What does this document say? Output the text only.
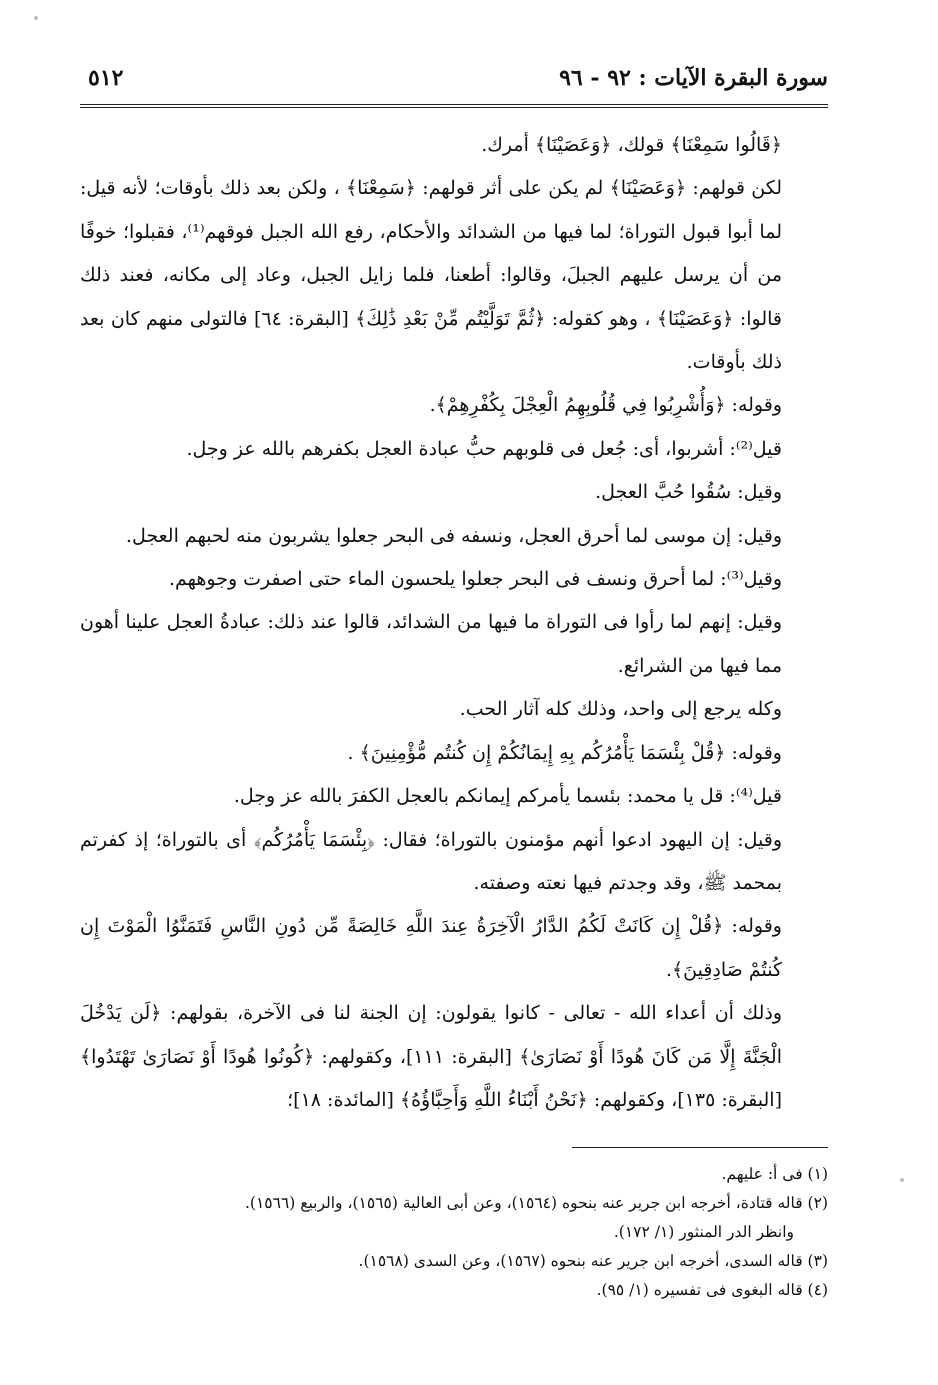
سورة البقرة الآيات : ٩٢ - ٩٦
٥١٢

﴿قَالُوا سَمِعْنَا﴾ قولك، ﴿وَعَصَيْنَا﴾ أمرك.

لكن قولهم: ﴿وَعَصَيْنَا﴾ لم يكن على أثر قولهم: ﴿سَمِعْنَا﴾ ، ولكن بعد ذلك بأوقات؛ لأنه قيل: لما أبوا قبول التوراة؛ لما فيها من الشدائد والأحكام، رفع الله الجبل فوقهم⁽¹⁾، فقبلوا؛ خوفًا من أن يرسل عليهم الجبلَ، وقالوا: أطعنا، فلما زايل الجبل، وعاد إلى مكانه، فعند ذلك قالوا: ﴿وَعَصَيْنَا﴾ ، وهو كقوله: ﴿ثُمَّ تَوَلَّيْتُم مِّنْ بَعْدِ ذَٰلِكَ﴾ [البقرة: ٦٤] فالتولى منهم كان بعد ذلك بأوقات.

وقوله: ﴿وَأُشْرِبُوا فِي قُلُوبِهِمُ الْعِجْلَ بِكُفْرِهِمْ﴾.

قيل⁽²⁾: أشربوا، أى: جُعل فى قلوبهم حبُّ عبادة العجل بكفرهم بالله عز وجل.

وقيل: سُقُوا حُبَّ العجل.

وقيل: إن موسى لما أحرق العجل، ونسفه فى البحر جعلوا يشربون منه لحبهم العجل.

وقيل⁽³⁾: لما أحرق ونسف فى البحر جعلوا يلحسون الماء حتى اصفرت وجوههم.

وقيل: إنهم لما رأوا فى التوراة ما فيها من الشدائد، قالوا عند ذلك: عبادةُ العجل علينا أهون مما فيها من الشرائع.

وكله يرجع إلى واحد، وذلك كله آثار الحب.

وقوله: ﴿قُلْ بِئْسَمَا يَأْمُرُكُم بِهِ إِيمَانُكُمْ إِن كُنتُم مُّؤْمِنِينَ﴾ .

قيل⁽⁴⁾: قل يا محمد: بئسما يأمركم إيمانكم بالعجل الكفرَ بالله عز وجل.

وقيل: إن اليهود ادعوا أنهم مؤمنون بالتوراة؛ فقال: ﴿بِئْسَمَا يَأْمُرُكُم﴾ أى بالتوراة؛ إذ كفرتم بمحمد ﷺ، وقد وجدتم فيها نعته وصفته.

وقوله: ﴿قُلْ إِن كَانَتْ لَكُمُ الدَّارُ الْآخِرَةُ عِندَ اللَّهِ خَالِصَةً مِّن دُونِ النَّاسِ فَتَمَنَّوُا الْمَوْتَ إِن كُنتُمْ صَادِقِينَ﴾.

وذلك أن أعداء الله - تعالى - كانوا يقولون: إن الجنة لنا فى الآخرة، بقولهم: ﴿لَن يَدْخُلَ الْجَنَّةَ إِلَّا مَن كَانَ هُودًا أَوْ نَصَارَىٰ﴾ [البقرة: ١١١]، وكقولهم: ﴿كُونُوا هُودًا أَوْ نَصَارَىٰ تَهْتَدُوا﴾ [البقرة: ١٣٥]، وكقولهم: ﴿نَحْنُ أَبْنَاءُ اللَّهِ وَأَحِبَّاؤُهُ﴾ [المائدة: ١٨]؛

(١) فى أ: عليهم.

(٢) قاله قتادة، أخرجه ابن جرير عنه بنحوه (١٥٦٤)، وعن أبى العالية (١٥٦٥)، والربيع (١٥٦٦).

وانظر الدر المنثور (١/ ١٧٢).

(٣) قاله السدى، أخرجه ابن جرير عنه بنحوه (١٥٦٧)، وعن السدى (١٥٦٨).

(٤) قاله البغوى فى تفسيره (١/ ٩٥).
